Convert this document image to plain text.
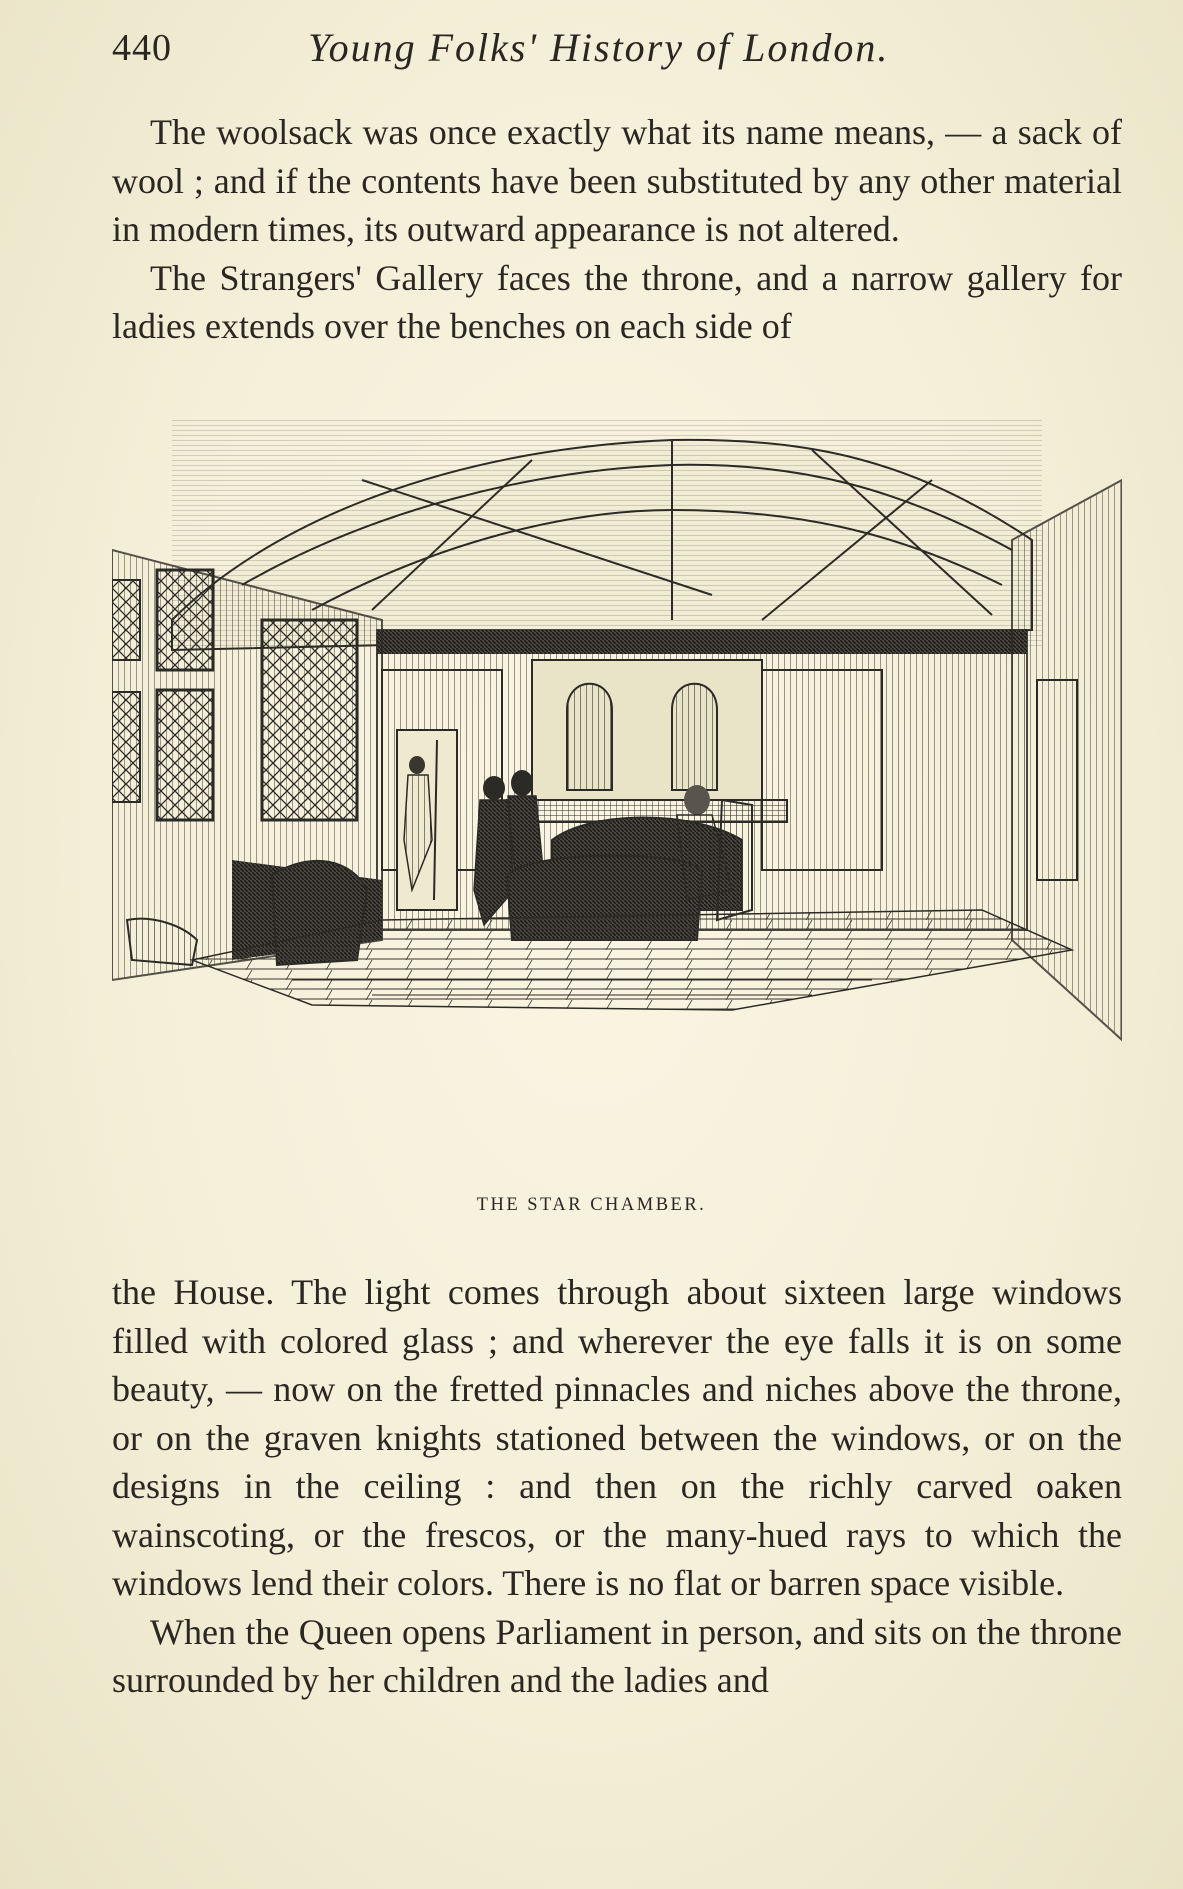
440	Young Folks' History of London.

The woolsack was once exactly what its name means, — a sack of wool ; and if the contents have been substituted by any other material in modern times, its outward appearance is not altered.

The Strangers' Gallery faces the throne, and a narrow gallery for ladies extends over the benches on each side of

THE STAR CHAMBER.

the House. The light comes through about sixteen large windows filled with colored glass ; and wherever the eye falls it is on some beauty, — now on the fretted pinnacles and niches above the throne, or on the graven knights stationed between the windows, or on the designs in the ceiling : and then on the richly carved oaken wainscoting, or the frescos, or the many-hued rays to which the windows lend their colors. There is no flat or barren space visible.

When the Queen opens Parliament in person, and sits on the throne surrounded by her children and the ladies and
